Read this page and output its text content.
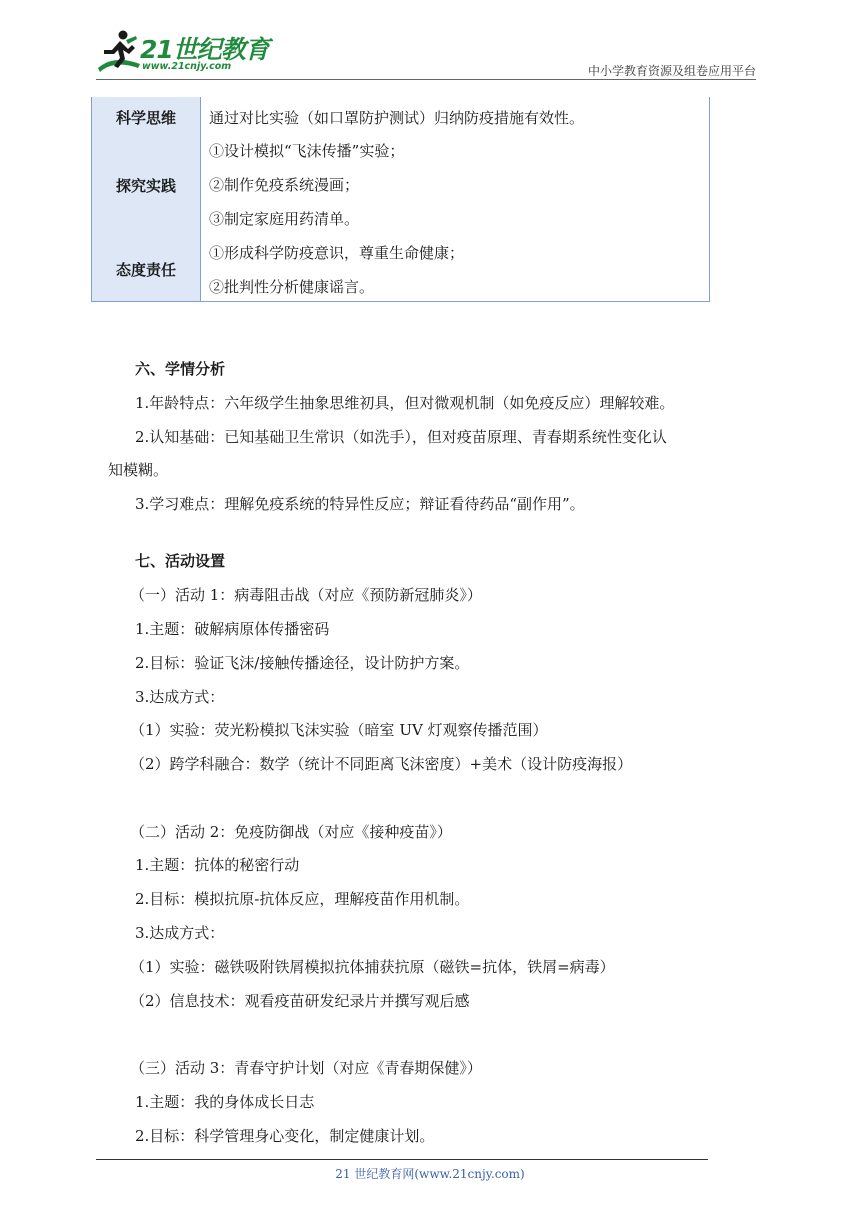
21世纪教育
www.21cnjy.com	中小学教育资源及组卷应用平台
科学思维	通过对比实验（如口罩防护测试）归纳防疫措施有效性。
探究实践
①设计模拟“飞沫传播”实验；
②制作免疫系统漫画；
③制定家庭用药清单。
态度责任
①形成科学防疫意识，尊重生命健康；
②批判性分析健康谣言。
六、学情分析
1.年龄特点：六年级学生抽象思维初具，但对微观机制（如免疫反应）理解较难。
2.认知基础：已知基础卫生常识（如洗手），但对疫苗原理、青春期系统性变化认
知模糊。
3.学习难点：理解免疫系统的特异性反应；辩证看待药品“副作用”。
七、活动设置
（一）活动 1：病毒阻击战（对应《预防新冠肺炎》）
1.主题：破解病原体传播密码
2.目标：验证飞沫/接触传播途径，设计防护方案。
3.达成方式：
（1）实验：荧光粉模拟飞沫实验（暗室 UV 灯观察传播范围）
（2）跨学科融合：数学（统计不同距离飞沫密度）+美术（设计防疫海报）
（二）活动 2：免疫防御战（对应《接种疫苗》）
1.主题：抗体的秘密行动
2.目标：模拟抗原-抗体反应，理解疫苗作用机制。
3.达成方式：
（1）实验：磁铁吸附铁屑模拟抗体捕获抗原（磁铁=抗体，铁屑=病毒）
（2）信息技术：观看疫苗研发纪录片并撰写观后感
（三）活动 3：青春守护计划（对应《青春期保健》）
1.主题：我的身体成长日志
2.目标：科学管理身心变化，制定健康计划。
21 世纪教育网(www.21cnjy.com)
